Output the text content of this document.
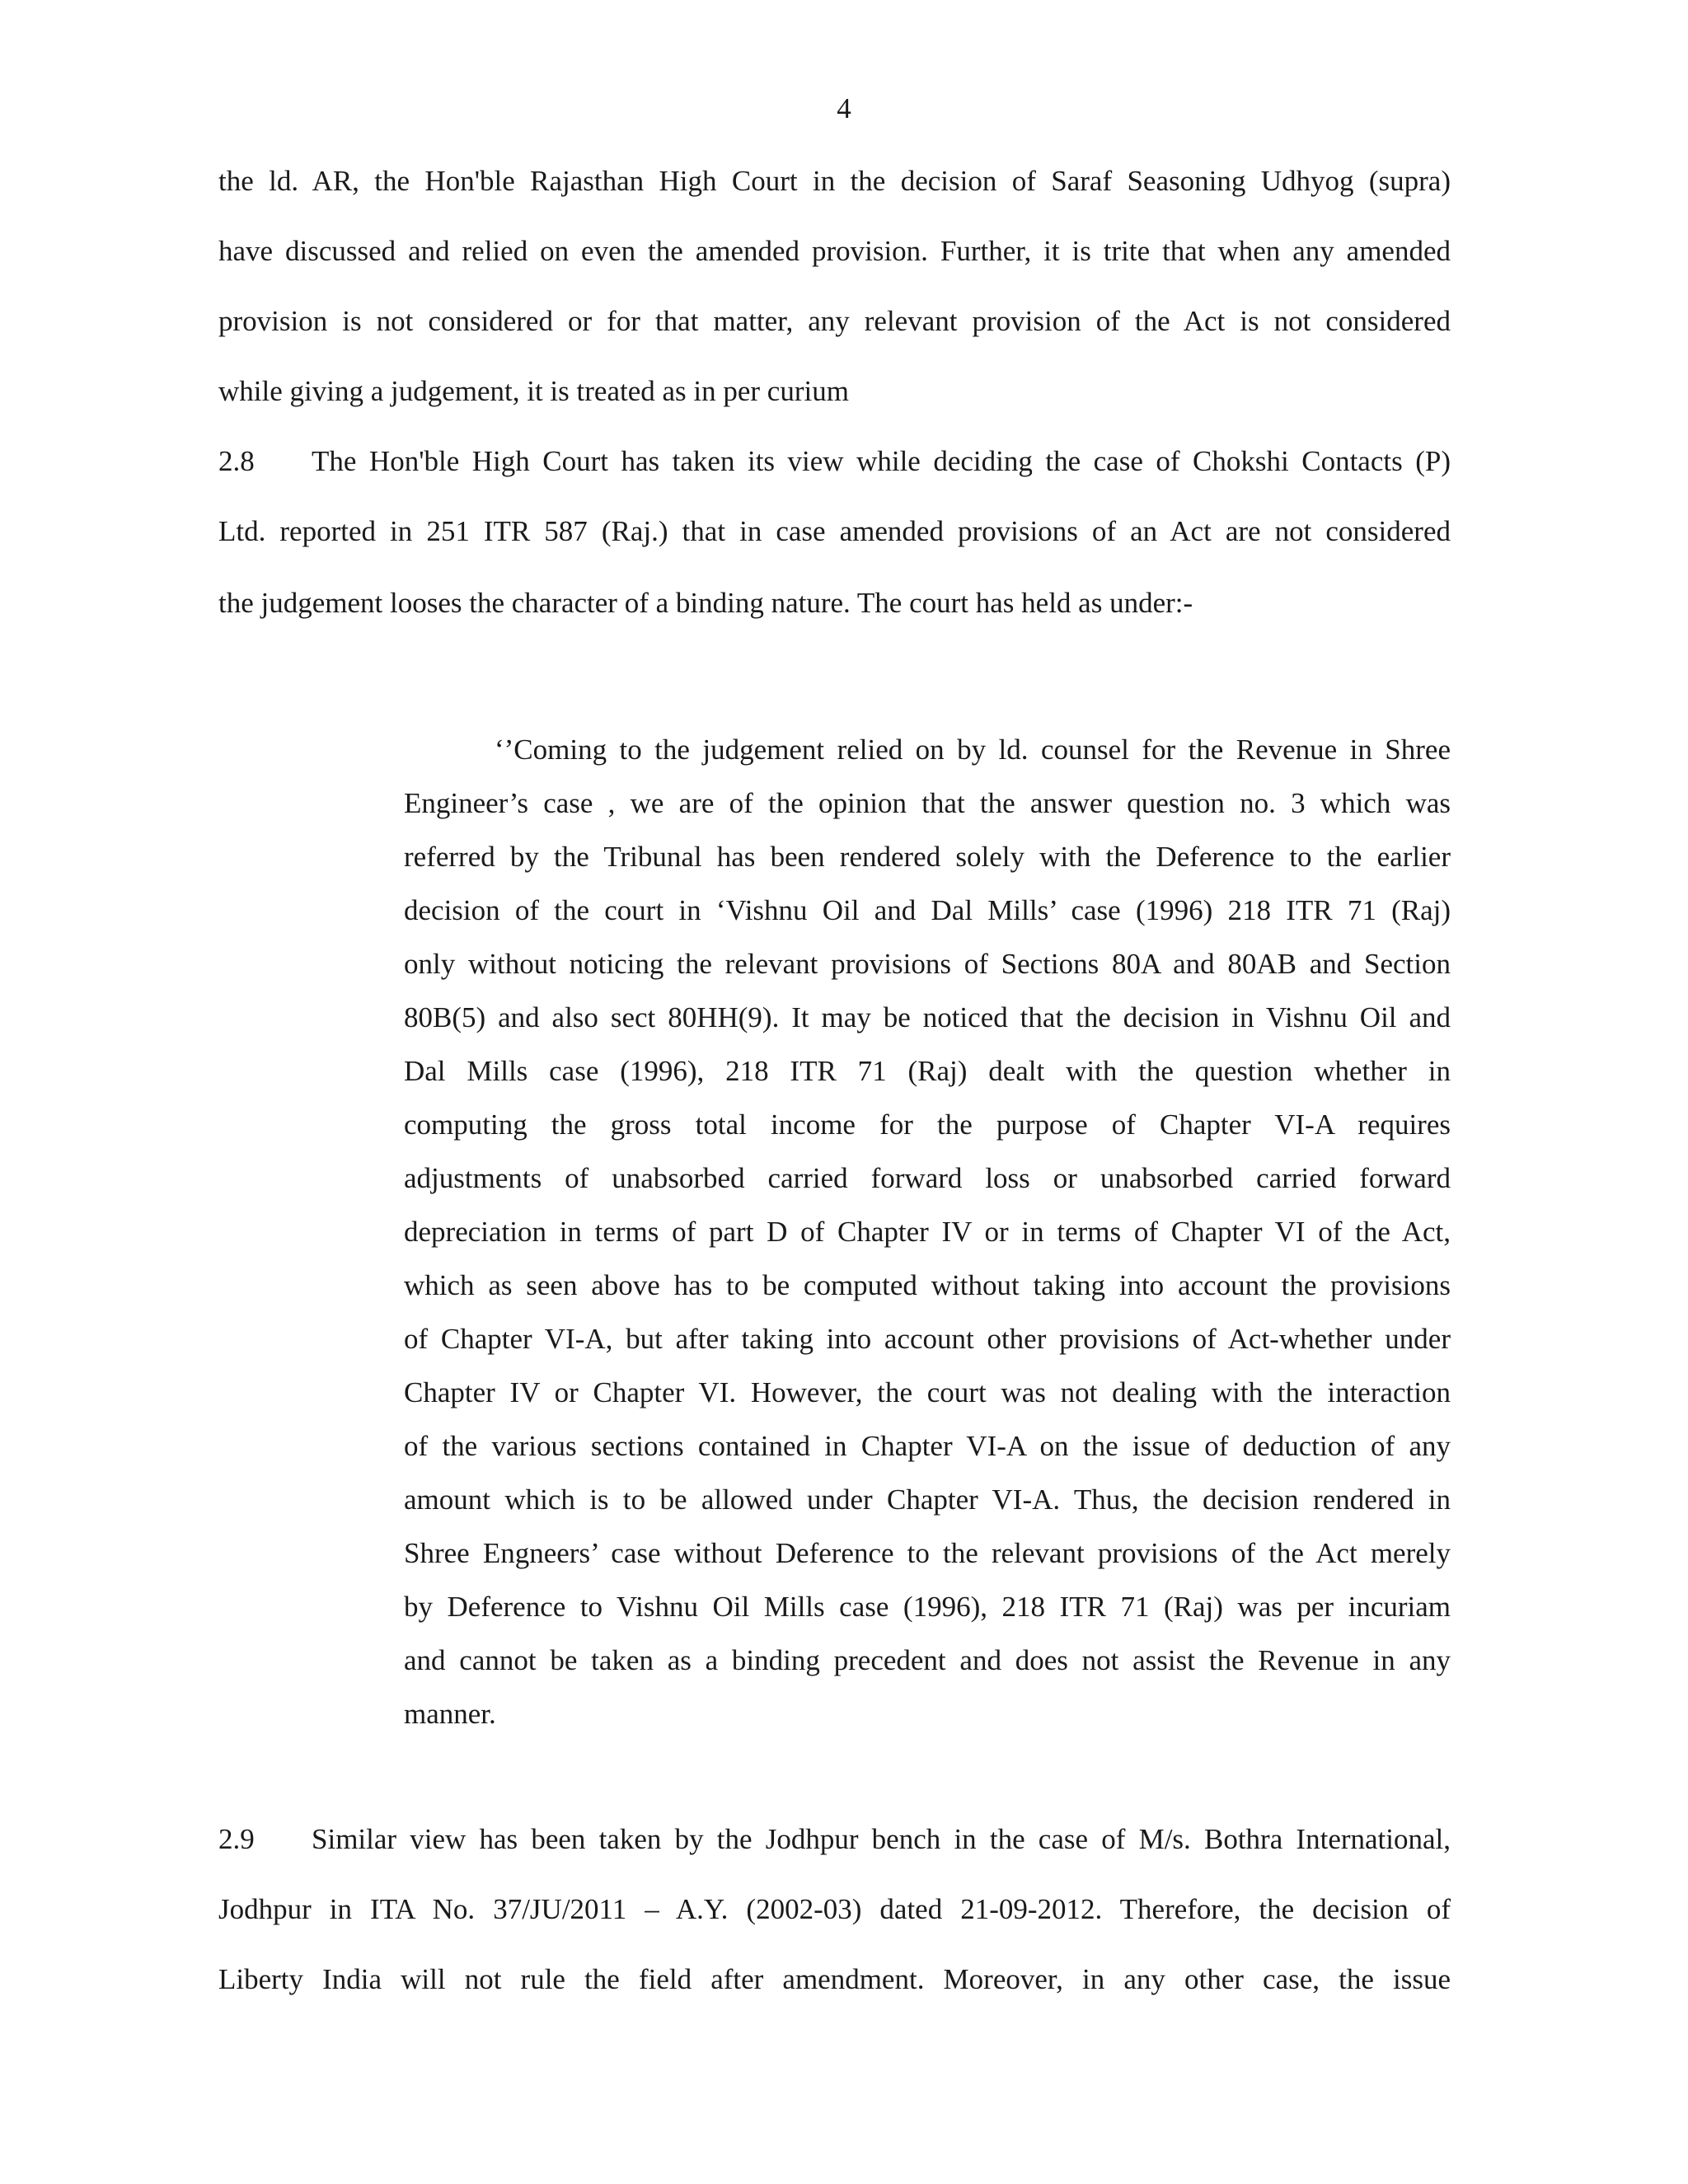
4
the ld. AR, the Hon'ble Rajasthan High Court in the decision of Saraf Seasoning Udhyog (supra)
have discussed and relied on even the amended provision. Further, it is trite that when any amended
provision is not considered or for that matter, any relevant provision of the Act is not considered
while giving a judgement, it is treated as in per curium
2.8 The Hon'ble High Court has taken its view while deciding the case of Chokshi Contacts (P)
Ltd. reported in 251 ITR 587 (Raj.) that in case amended provisions of an Act are not considered
the judgement looses the character of a binding nature. The court has held as under:-
‘’Coming to the judgement relied on by ld. counsel for the Revenue in Shree
Engineer’s case , we are of the opinion that the answer question no. 3 which was
referred by the Tribunal has been rendered solely with the Deference to the earlier
decision of the court in ‘Vishnu Oil and Dal Mills’ case (1996) 218 ITR 71 (Raj)
only without noticing the relevant provisions of Sections 80A and 80AB and Section
80B(5) and also sect 80HH(9). It may be noticed that the decision in Vishnu Oil and
Dal Mills case (1996), 218 ITR 71 (Raj) dealt with the question whether in
computing the gross total income for the purpose of Chapter VI-A requires
adjustments of unabsorbed carried forward loss or unabsorbed carried forward
depreciation in terms of part D of Chapter IV or in terms of Chapter VI of the Act,
which as seen above has to be computed without taking into account the provisions
of Chapter VI-A, but after taking into account other provisions of Act-whether under
Chapter IV or Chapter VI. However, the court was not dealing with the interaction
of the various sections contained in Chapter VI-A on the issue of deduction of any
amount which is to be allowed under Chapter VI-A. Thus, the decision rendered in
Shree Engneers’ case without Deference to the relevant provisions of the Act merely
by Deference to Vishnu Oil Mills case (1996), 218 ITR 71 (Raj) was per incuriam
and cannot be taken as a binding precedent and does not assist the Revenue in any
manner.
2.9 Similar view has been taken by the Jodhpur bench in the case of M/s. Bothra International,
Jodhpur in ITA No. 37/JU/2011 – A.Y. (2002-03) dated 21-09-2012. Therefore, the decision of
Liberty India will not rule the field after amendment. Moreover, in any other case, the issue
